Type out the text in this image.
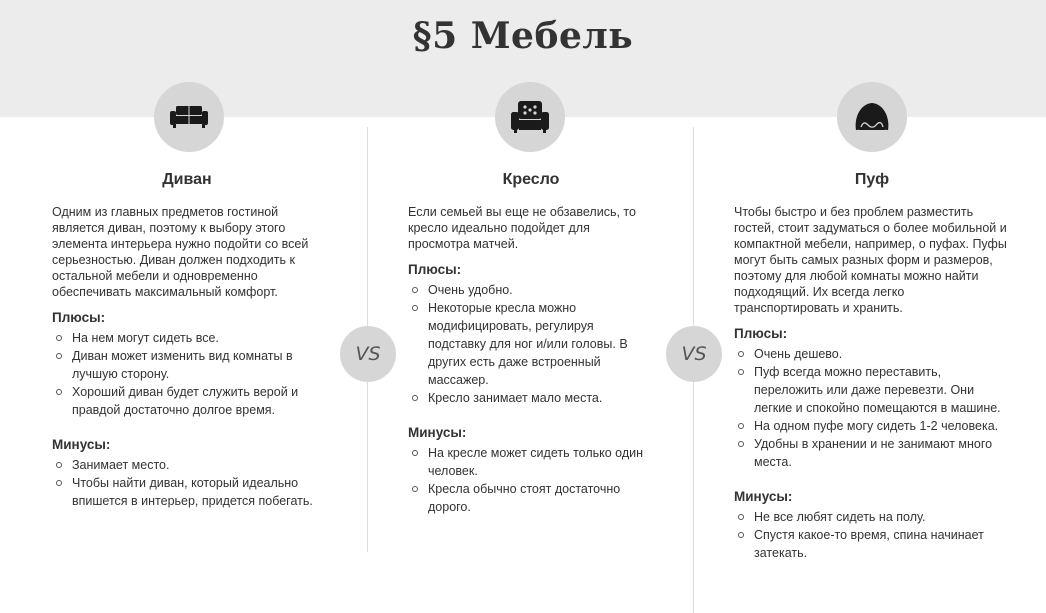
§5 Мебель
VS	VS
Диван

Одним из главных предметов гостиной является диван, поэтому к выбору этого элемента интерьера нужно подойти со всей серьезностью. Диван должен подходить к остальной мебели и одновременно обеспечивать максимальный комфорт.

Плюсы:
На нем могут сидеть все.
Диван может изменить вид комнаты в лучшую сторону.
Хороший диван будет служить верой и правдой достаточно долгое время.
Минусы:
Занимает место.
Чтобы найти диван, который идеально впишется в интерьер, придется побегать.
Кресло

Если семьей вы еще не обзавелись, то кресло идеально подойдет для просмотра матчей.

Плюсы:
Очень удобно.
Некоторые кресла можно модифицировать, регулируя подставку для ног и/или головы. В других есть даже встроенный массажер.
Кресло занимает мало места.
Минусы:
На кресле может сидеть только один человек.
Кресла обычно стоят достаточно дорого.
Пуф

Чтобы быстро и без проблем разместить гостей, стоит задуматься о более мобильной и компактной мебели, например, о пуфах. Пуфы могут быть самых разных форм и размеров, поэтому для любой комнаты можно найти подходящий. Их всегда легко транспортировать и хранить.

Плюсы:
Очень дешево.
Пуф всегда можно переставить, переложить или даже перевезти. Они легкие и спокойно помещаются в машине.
На одном пуфе могу сидеть 1-2 человека.
Удобны в хранении и не занимают много места.
Минусы:
Не все любят сидеть на полу.
Спустя какое-то время, спина начинает затекать.
